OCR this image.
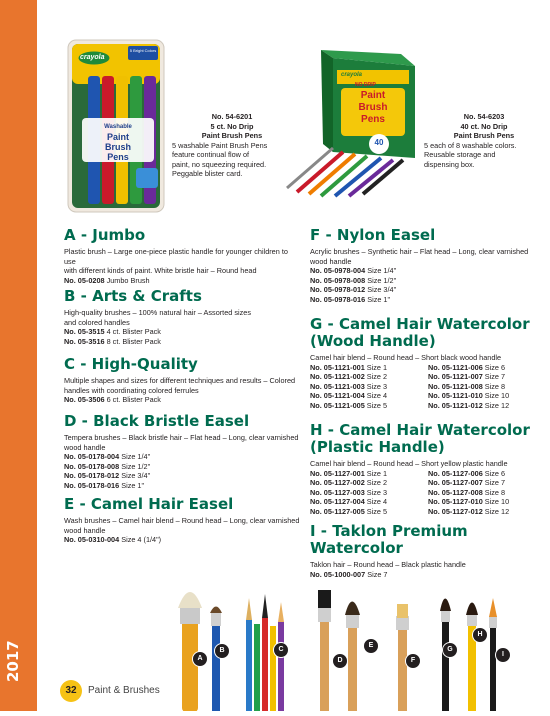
2017
crayola
5 Bright Colors
Washable
Paint
Brush
Pens
No. 54-6201
5 ct. No Drip
Paint Brush Pens
5 washable Paint Brush Pens
feature continual flow of
paint, no squeezing required.
Peggable blister card.
crayola
NO DRIP
Paint
Brush
Pens
40
No. 54-6203
40 ct. No Drip
Paint Brush Pens
5 each of 8 washable colors.
Reusable storage and
dispensing box.
A - Jumbo
Plastic brush – Large one-piece plastic handle for younger children to use
with different kinds of paint. White bristle hair – Round head
No. 05-0208 Jumbo Brush
B - Arts & Crafts
High-quality brushes – 100% natural hair – Assorted sizes
and colored handles
No. 05-3515 4 ct. Blister Pack
No. 05-3516 8 ct. Blister Pack
C - High-Quality
Multiple shapes and sizes for different techniques and results – Colored
handles with coordinating colored ferrules
No. 05-3506 6 ct. Blister Pack
D - Black Bristle Easel
Tempera brushes – Black bristle hair – Flat head – Long, clear varnished
wood handle
No. 05-0178-004 Size 1/4"
No. 05-0178-008 Size 1/2"
No. 05-0178-012 Size 3/4"
No. 05-0178-016 Size 1"
E - Camel Hair Easel
Wash brushes – Camel hair blend – Round head – Long, clear varnished
wood handle
No. 05-0310-004 Size 4 (1/4")
F - Nylon Easel
Acrylic brushes – Synthetic hair – Flat head – Long, clear varnished
wood handle
No. 05-0978-004 Size 1/4"
No. 05-0978-008 Size 1/2"
No. 05-0978-012 Size 3/4"
No. 05-0978-016 Size 1"
G - Camel Hair Watercolor
(Wood Handle)
Camel hair blend – Round head – Short black wood handle
No. 05-1121-001 Size 1	No. 05-1121-006 Size 6
No. 05-1121-002 Size 2	No. 05-1121-007 Size 7
No. 05-1121-003 Size 3	No. 05-1121-008 Size 8
No. 05-1121-004 Size 4	No. 05-1121-010 Size 10
No. 05-1121-005 Size 5	No. 05-1121-012 Size 12
H - Camel Hair Watercolor
(Plastic Handle)
Camel hair blend – Round head – Short yellow plastic handle
No. 05-1127-001 Size 1	No. 05-1127-006 Size 6
No. 05-1127-002 Size 2	No. 05-1127-007 Size 7
No. 05-1127-003 Size 3	No. 05-1127-008 Size 8
No. 05-1127-004 Size 4	No. 05-1127-010 Size 10
No. 05-1127-005 Size 5	No. 05-1127-012 Size 12
I - Taklon Premium Watercolor
Taklon hair – Round head – Black plastic handle
No. 05-1000-007 Size 7
A
B	C
D
E
F
G
H
I
32	Paint & Brushes
